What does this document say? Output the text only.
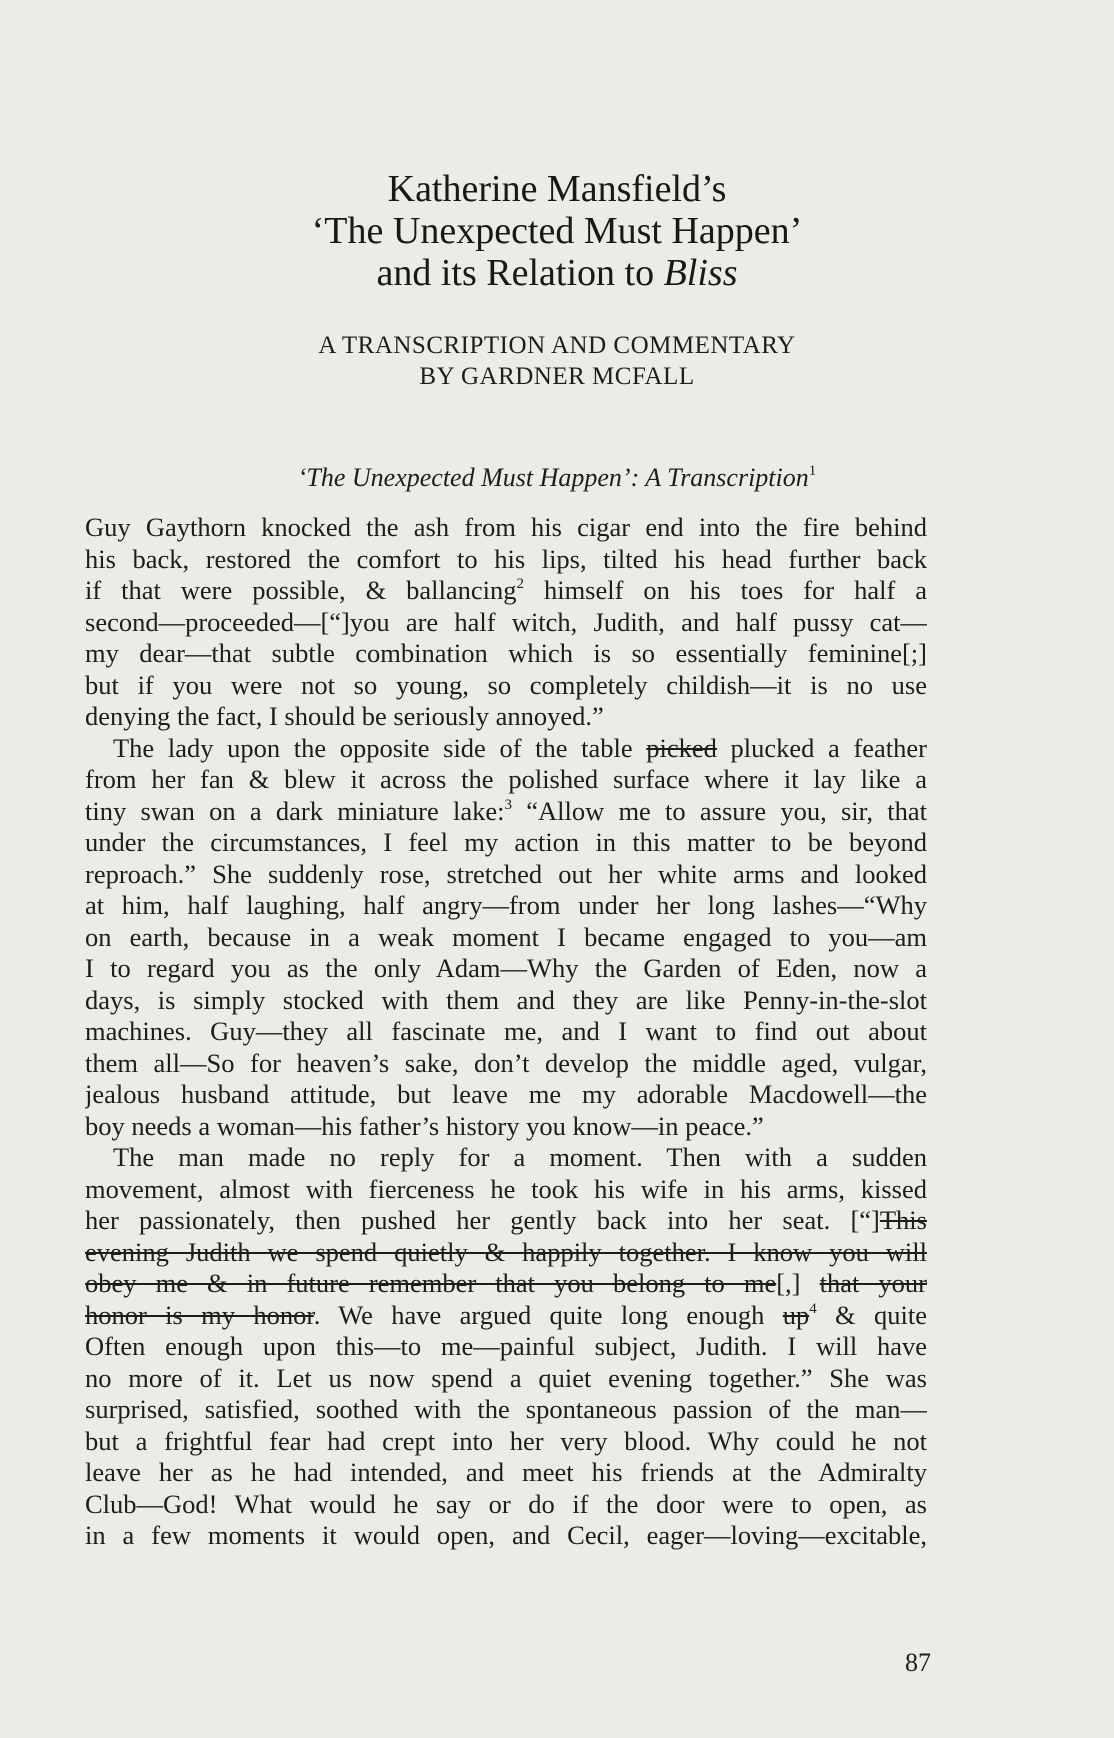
Katherine Mansfield’s
‘The Unexpected Must Happen’
and its Relation to Bliss
A TRANSCRIPTION AND COMMENTARY
BY GARDNER MCFALL
‘The Unexpected Must Happen’: A Transcription$^1$
Guy Gaythorn knocked the ash from his cigar end into the fire behind
his back, restored the comfort to his lips, tilted his head further back
if that were possible, & ballancing$^2$ himself on his toes for half a
second—proceeded—[“]you are half witch, Judith, and half pussy cat—
my dear—that subtle combination which is so essentially feminine[;]
but if you were not so young, so completely childish—it is no use
denying the fact, I should be seriously annoyed.”
The lady upon the opposite side of the table picked plucked a feather
from her fan & blew it across the polished surface where it lay like a
tiny swan on a dark miniature lake:$^3$ “Allow me to assure you, sir, that
under the circumstances, I feel my action in this matter to be beyond
reproach.” She suddenly rose, stretched out her white arms and looked
at him, half laughing, half angry—from under her long lashes—“Why
on earth, because in a weak moment I became engaged to you—am
I to regard you as the only Adam—Why the Garden of Eden, now a
days, is simply stocked with them and they are like Penny-in-the-slot
machines. Guy—they all fascinate me, and I want to find out about
them all—So for heaven’s sake, don’t develop the middle aged, vulgar,
jealous husband attitude, but leave me my adorable Macdowell—the
boy needs a woman—his father’s history you know—in peace.”
The man made no reply for a moment. Then with a sudden
movement, almost with fierceness he took his wife in his arms, kissed
her passionately, then pushed her gently back into her seat. [“]This
evening Judith we spend quietly & happily together. I know you will
obey me & in future remember that you belong to me[,] that your
honor is my honor. We have argued quite long enough $up^4$ & quite
Often enough upon this—to me—painful subject, Judith. I will have
no more of it. Let us now spend a quiet evening together.” She was
surprised, satisfied, soothed with the spontaneous passion of the man—
but a frightful fear had crept into her very blood. Why could he not
leave her as he had intended, and meet his friends at the Admiralty
Club—God! What would he say or do if the door were to open, as
in a few moments it would open, and Cecil, eager—loving—excitable,
87
